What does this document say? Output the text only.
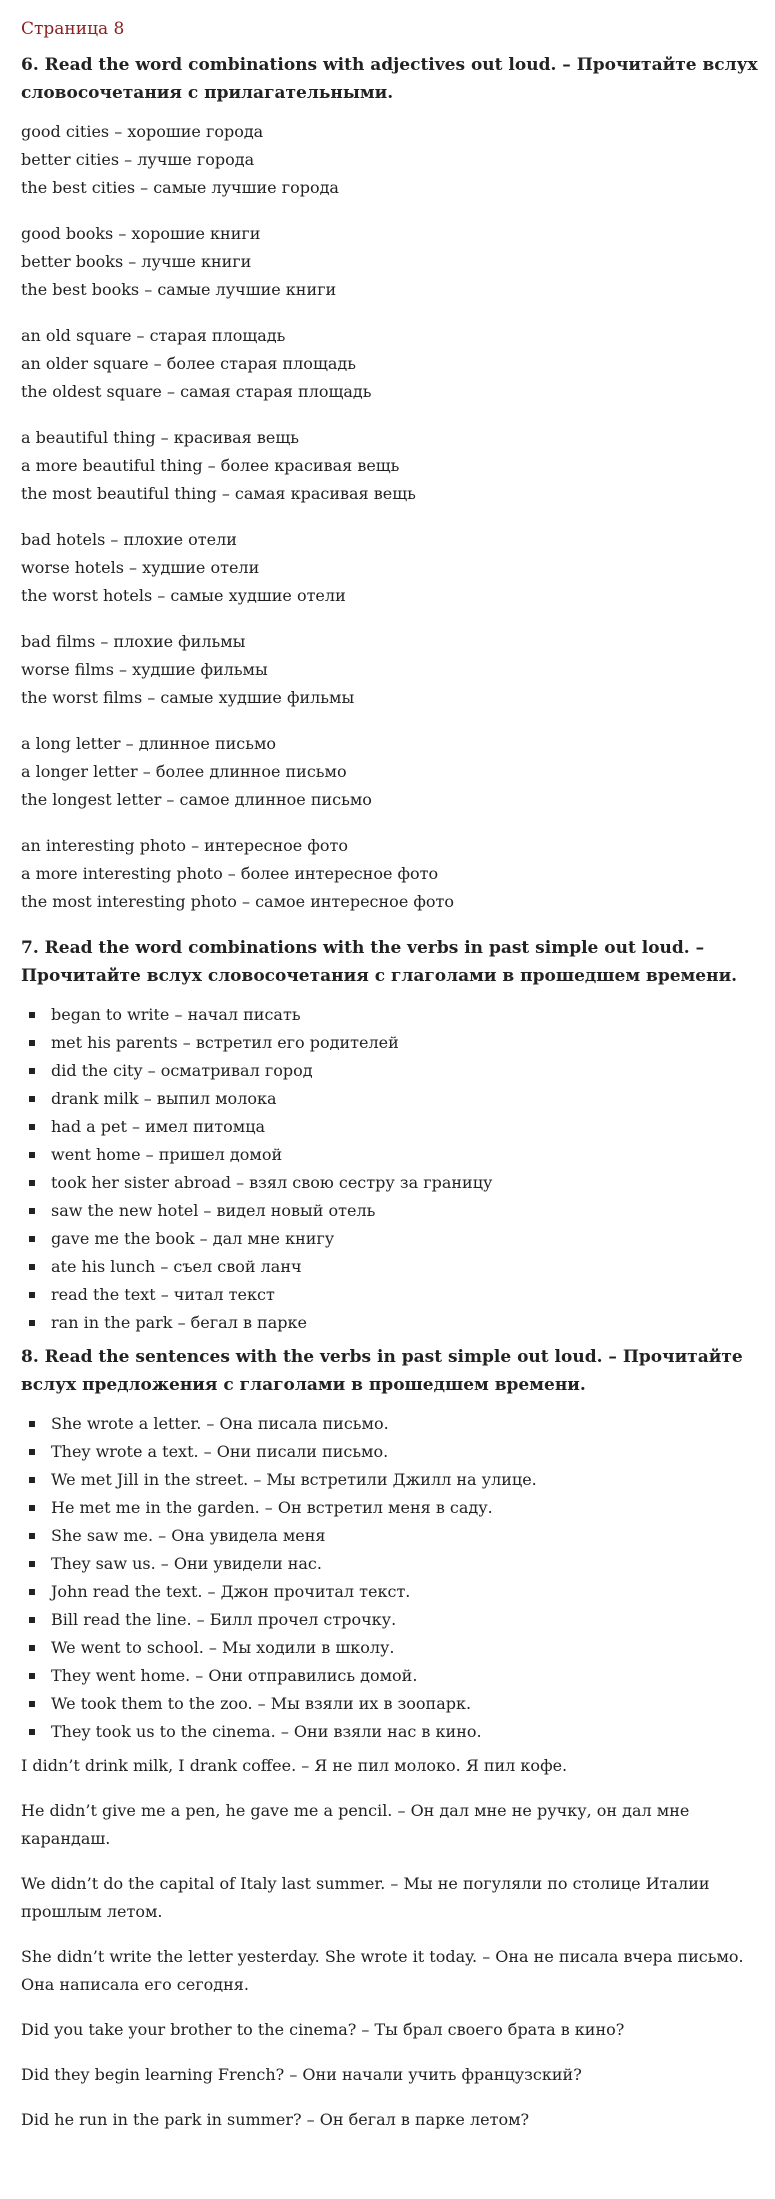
Страница 8
6. Read the word combinations with adjectives out loud. – Прочитайте вслух словосочетания с прилагательными.

good cities – хорошие города

better cities – лучше города

the best cities – самые лучшие города

good books – хорошие книги

better books – лучше книги

the best books – самые лучшие книги

an old square – старая площадь

an older square – более старая площадь

the oldest square – самая старая площадь

a beautiful thing – красивая вещь

a more beautiful thing – более красивая вещь

the most beautiful thing – самая красивая вещь

bad hotels – плохие отели

worse hotels – худшие отели

the worst hotels – самые худшие отели

bad films – плохие фильмы

worse films – худшие фильмы

the worst films – самые худшие фильмы

a long letter – длинное письмо

a longer letter – более длинное письмо

the longest letter – самое длинное письмо

an interesting photo – интересное фото

a more interesting photo – более интересное фото

the most interesting photo – самое интересное фото

7. Read the word combinations with the verbs in past simple out loud. – Прочитайте вслух словосочетания с глаголами в прошедшем времени.
began to write – начал писать
met his parents – встретил его родителей
did the city – осматривал город
drank milk – выпил молока
had a pet – имел питомца
went home – пришел домой
took her sister abroad – взял свою сестру за границу
saw the new hotel – видел новый отель
gave me the book – дал мне книгу
ate his lunch – съел свой ланч
read the text – читал текст
ran in the park – бегал в парке
8. Read the sentences with the verbs in past simple out loud. – Прочитайте вслух предложения с глаголами в прошедшем времени.
She wrote a letter. – Она писала письмо.
They wrote a text. – Они писали письмо.
We met Jill in the street. – Мы встретили Джилл на улице.
He met me in the garden. – Он встретил меня в саду.
She saw me. – Она увидела меня
They saw us. – Они увидели нас.
John read the text. – Джон прочитал текст.
Bill read the line. – Билл прочел строчку.
We went to school. – Мы ходили в школу.
They went home. – Они отправились домой.
We took them to the zoo. – Мы взяли их в зоопарк.
They took us to the cinema. – Они взяли нас в кино.

I didn’t drink milk, I drank coffee. – Я не пил молоко. Я пил кофе.

He didn’t give me a pen, he gave me a pencil. – Он дал мне не ручку, он дал мне карандаш.

We didn’t do the capital of Italy last summer. – Мы не погуляли по столице Италии прошлым летом.

She didn’t write the letter yesterday. She wrote it today. – Она не писала вчера письмо. Она написала его сегодня.

Did you take your brother to the cinema? – Ты брал своего брата в кино?

Did they begin learning French? – Они начали учить французский?

Did he run in the park in summer? – Он бегал в парке летом?
